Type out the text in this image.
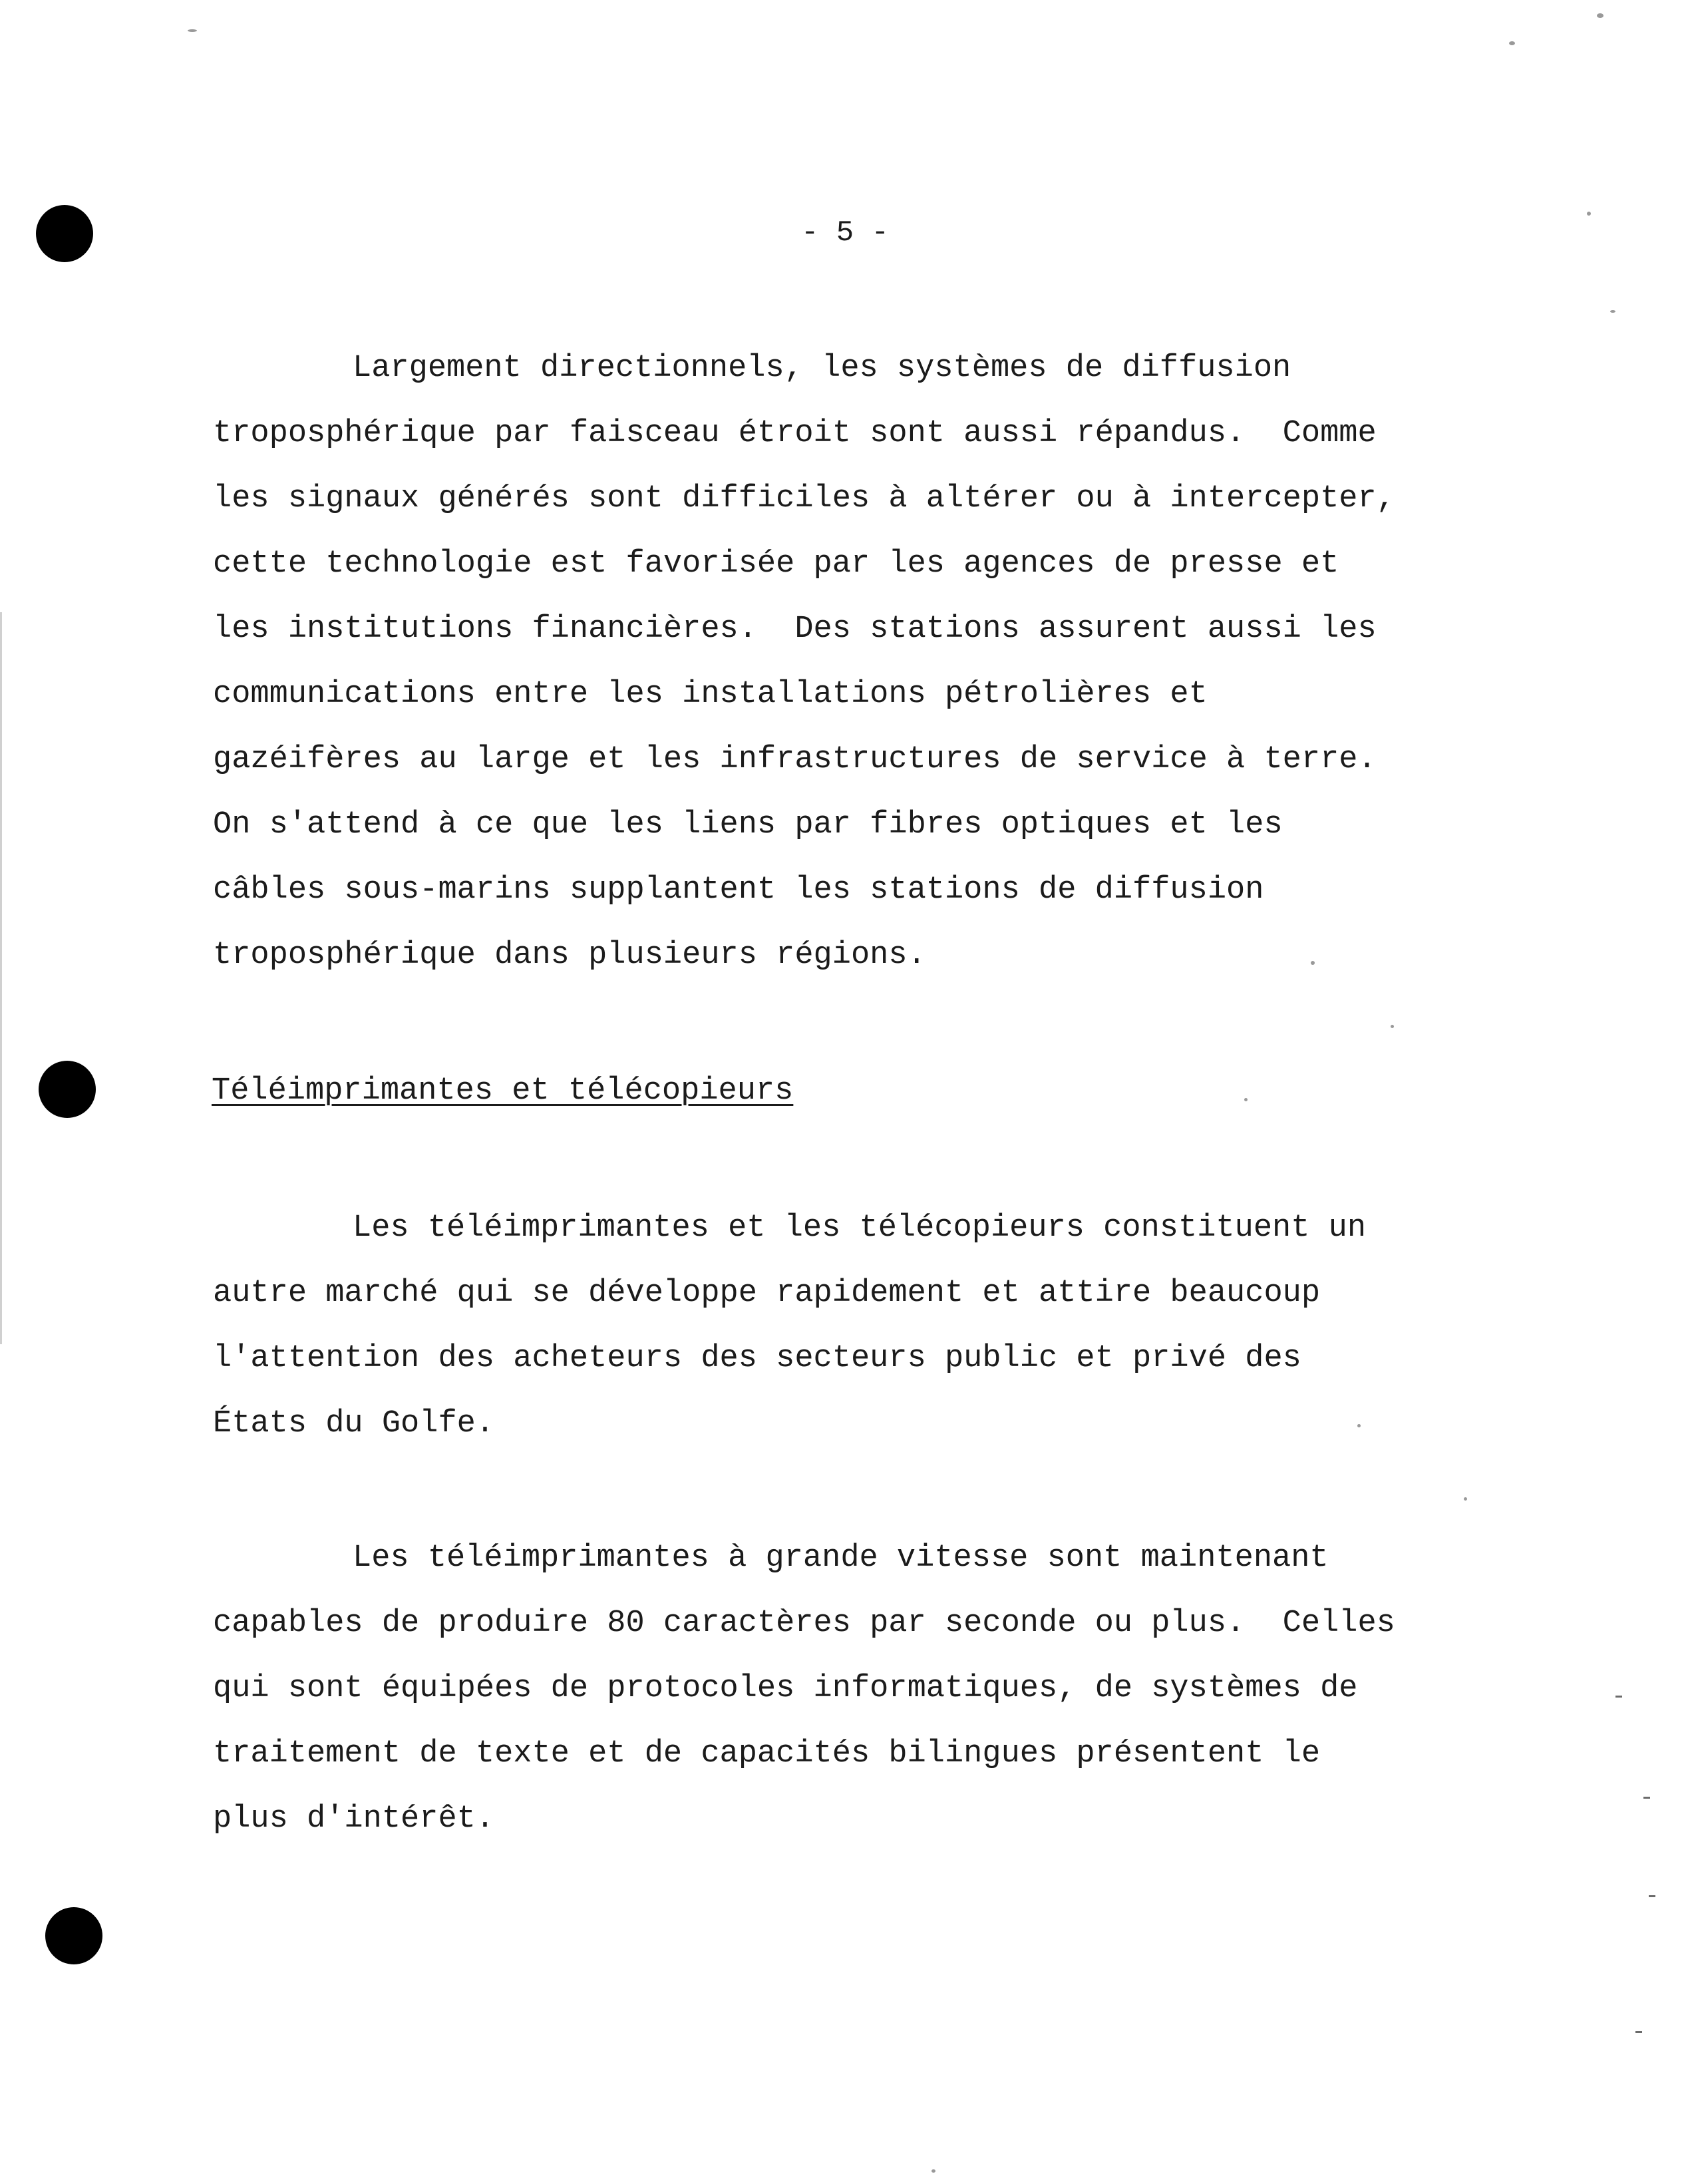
- 5 -
Largement directionnels, les systèmes de diffusion
troposphérique par faisceau étroit sont aussi répandus.  Comme
les signaux générés sont difficiles à altérer ou à intercepter,
cette technologie est favorisée par les agences de presse et
les institutions financières.  Des stations assurent aussi les
communications entre les installations pétrolières et
gazéifères au large et les infrastructures de service à terre.
On s'attend à ce que les liens par fibres optiques et les
câbles sous-marins supplantent les stations de diffusion
troposphérique dans plusieurs régions.
Téléimprimantes et télécopieurs
Les téléimprimantes et les télécopieurs constituent un
autre marché qui se développe rapidement et attire beaucoup
l'attention des acheteurs des secteurs public et privé des
États du Golfe.
Les téléimprimantes à grande vitesse sont maintenant
capables de produire 80 caractères par seconde ou plus.  Celles
qui sont équipées de protocoles informatiques, de systèmes de
traitement de texte et de capacités bilingues présentent le
plus d'intérêt.
